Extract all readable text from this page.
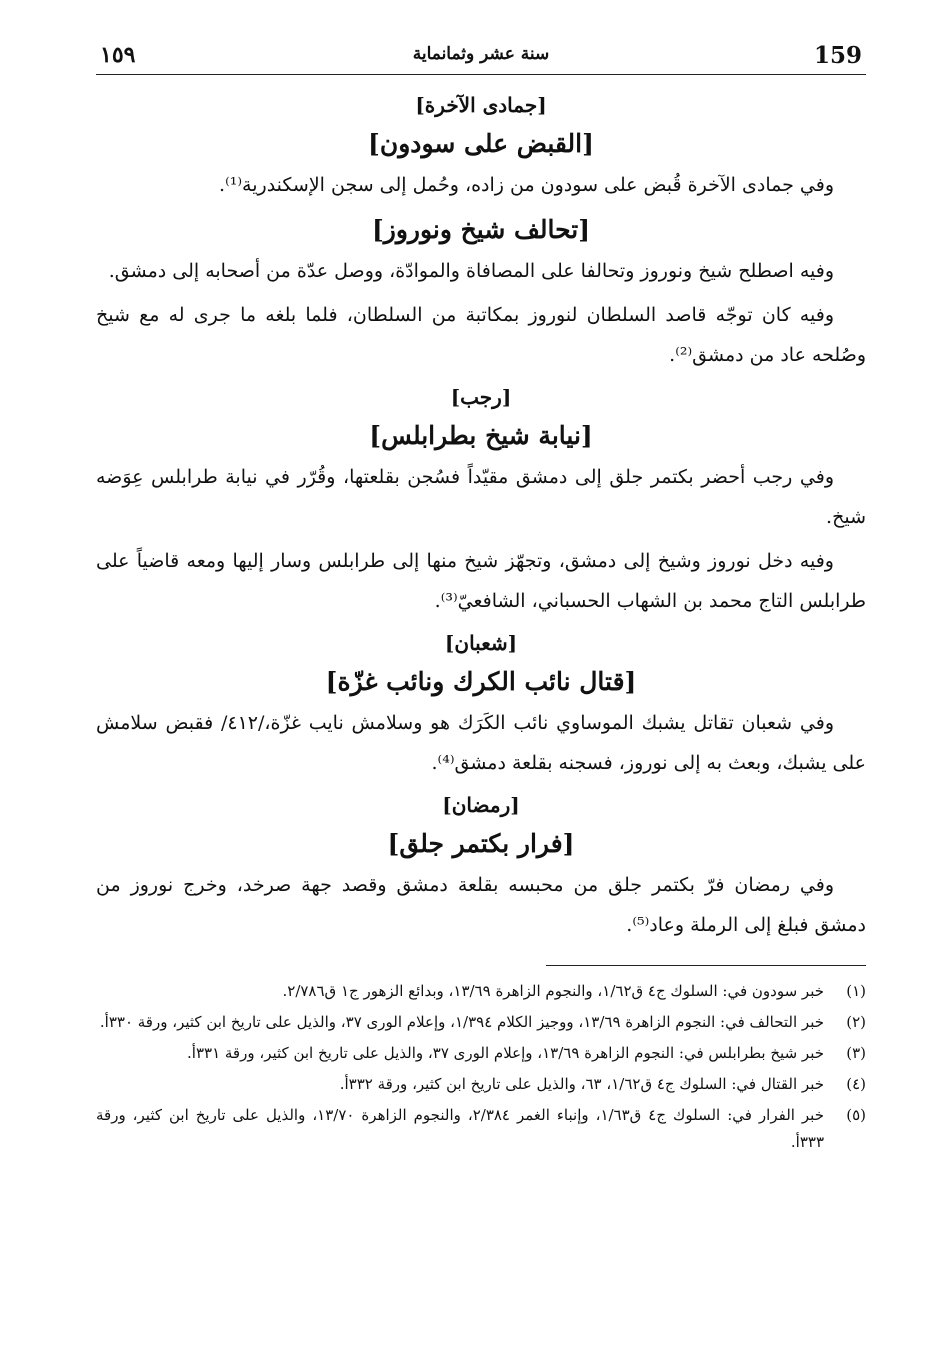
١٥٩	سنة عشر وثمانماية	159

[جمادى الآخرة]

[القبض على سودون]

وفي جمادى الآخرة قُبض على سودون من زاده، وحُمل إلى سجن الإسكندرية⁽¹⁾.

[تحالف شيخ ونوروز]

وفيه اصطلح شيخ ونوروز وتحالفا على المصافاة والموادّة، ووصل عدّة من أصحابه إلى دمشق.

وفيه كان توجّه قاصد السلطان لنوروز بمكاتبة من السلطان، فلما بلغه ما جرى له مع شيخ وصُلحه عاد من دمشق⁽²⁾.

[رجب]

[نيابة شيخ بطرابلس]

وفي رجب أحضر بكتمر جلق إلى دمشق مقيّداً فسُجن بقلعتها، وقُرّر في نيابة طرابلس عِوَضه شيخ.

وفيه دخل نوروز وشيخ إلى دمشق، وتجهّز شيخ منها إلى طرابلس وسار إليها ومعه قاضياً على طرابلس التاج محمد بن الشهاب الحسباني، الشافعيّ⁽³⁾.

[شعبان]

[قتال نائب الكرك ونائب غزّة]

وفي شعبان تقاتل يشبك الموساوي نائب الكَرَك هو وسلامش نايب غزّة،/٤١٢/ فقبض سلامش على يشبك، وبعث به إلى نوروز، فسجنه بقلعة دمشق⁽⁴⁾.

[رمضان]

[فرار بكتمر جلق]

وفي رمضان فرّ بكتمر جلق من محبسه بقلعة دمشق وقصد جهة صرخد، وخرج نوروز من دمشق فبلغ إلى الرملة وعاد⁽⁵⁾.

(١)
خبر سودون في: السلوك ج٤ ق١/٦٢، والنجوم الزاهرة ١٣/٦٩، وبدائع الزهور ج١ ق٢/٧٨٦.
(٢)
خبر التحالف في: النجوم الزاهرة ١٣/٦٩، ووجيز الكلام ١/٣٩٤، وإعلام الورى ٣٧، والذيل على تاريخ ابن كثير، ورقة ٣٣٠أ.
(٣)
خبر شيخ بطرابلس في: النجوم الزاهرة ١٣/٦٩، وإعلام الورى ٣٧، والذيل على تاريخ ابن كثير، ورقة ٣٣١أ.
(٤)
خبر القتال في: السلوك ج٤ ق١/٦٢، ٦٣، والذيل على تاريخ ابن كثير، ورقة ٣٣٢أ.
(٥)
خبر الفرار في: السلوك ج٤ ق١/٦٣، وإنباء الغمر ٢/٣٨٤، والنجوم الزاهرة ١٣/٧٠، والذيل على تاريخ ابن كثير، ورقة ٣٣٣أ.
